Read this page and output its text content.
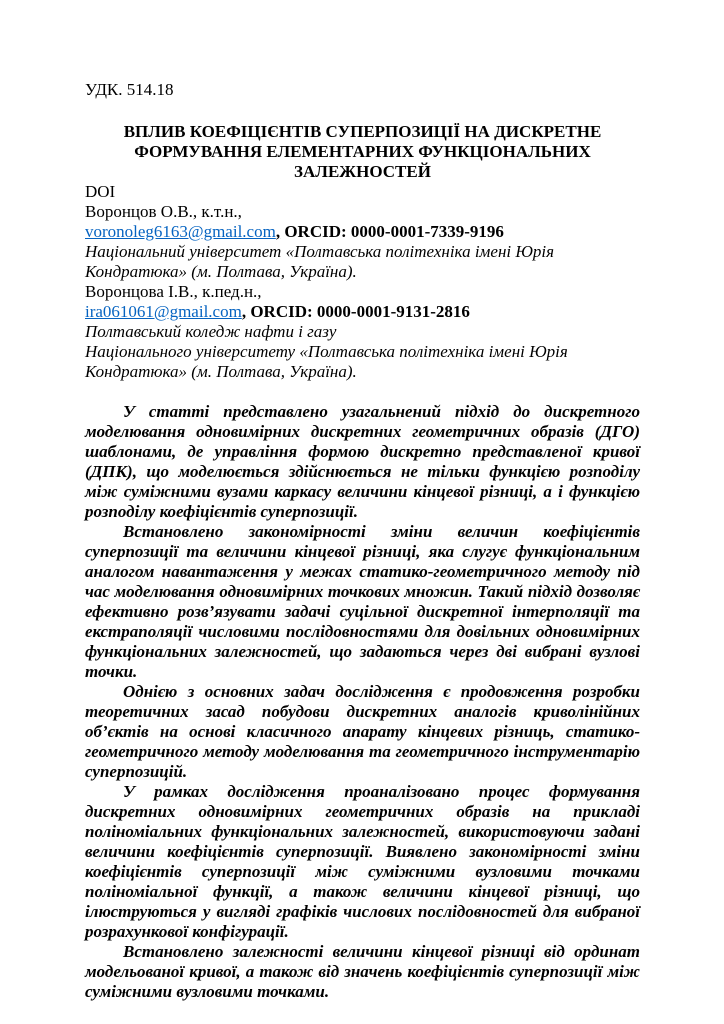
УДК. 514.18

ВПЛИВ КОЕФІЦІЄНТІВ СУПЕРПОЗИЦІЇ НА ДИСКРЕТНЕ ФОРМУВАННЯ ЕЛЕМЕНТАРНИХ ФУНКЦІОНАЛЬНИХ ЗАЛЕЖНОСТЕЙ

DOI
Воронцов О.В., к.т.н.,
voronoleg6163@gmail.com, ORCID: 0000-0001-7339-9196
Національний університет «Полтавська політехніка імені Юрія Кондратюка» (м. Полтава, Україна).
Воронцова І.В., к.пед.н.,
ira061061@gmail.com, ORCID: 0000-0001-9131-2816
Полтавський коледж нафти і газу
Національного університету «Полтавська політехніка імені Юрія Кондратюка» (м. Полтава, Україна).

У статті представлено узагальнений підхід до дискретного моделювання одновимірних дискретних геометричних образів (ДГО) шаблонами, де управління формою дискретно представленої кривої (ДПК), що моделюється здійснюється не тільки функцією розподілу між суміжними вузами каркасу величини кінцевої різниці, а і функцією розподілу коефіцієнтів суперпозиції.

Встановлено закономірності зміни величин коефіцієнтів суперпозиції та величини кінцевої різниці, яка слугує функціональним аналогом навантаження у межах статико-геометричного методу під час моделювання одновимірних точкових множин. Такий підхід дозволяє ефективно розв’язувати задачі суцільної дискретної інтерполяції та екстраполяції числовими послідовностями для довільних одновимірних функціональних залежностей, що задаються через дві вибрані вузлові точки.

Однією з основних задач дослідження є продовження розробки теоретичних засад побудови дискретних аналогів криволінійних об’єктів на основі класичного апарату кінцевих різниць, статико-геометричного методу моделювання та геометричного інструментарію суперпозицій.

У рамках дослідження проаналізовано процес формування дискретних одновимірних геометричних образів на прикладі поліноміальних функціональних залежностей, використовуючи задані величини коефіцієнтів суперпозиції. Виявлено закономірності зміни коефіцієнтів суперпозиції між суміжними вузловими точками поліноміальної функції, а також величини кінцевої різниці, що ілюструються у вигляді графіків числових послідовностей для вибраної розрахункової конфігурації.

Встановлено залежності величини кінцевої різниці від ординат модельованої кривої, а також від значень коефіцієнтів суперпозиції між суміжними вузловими точками.
